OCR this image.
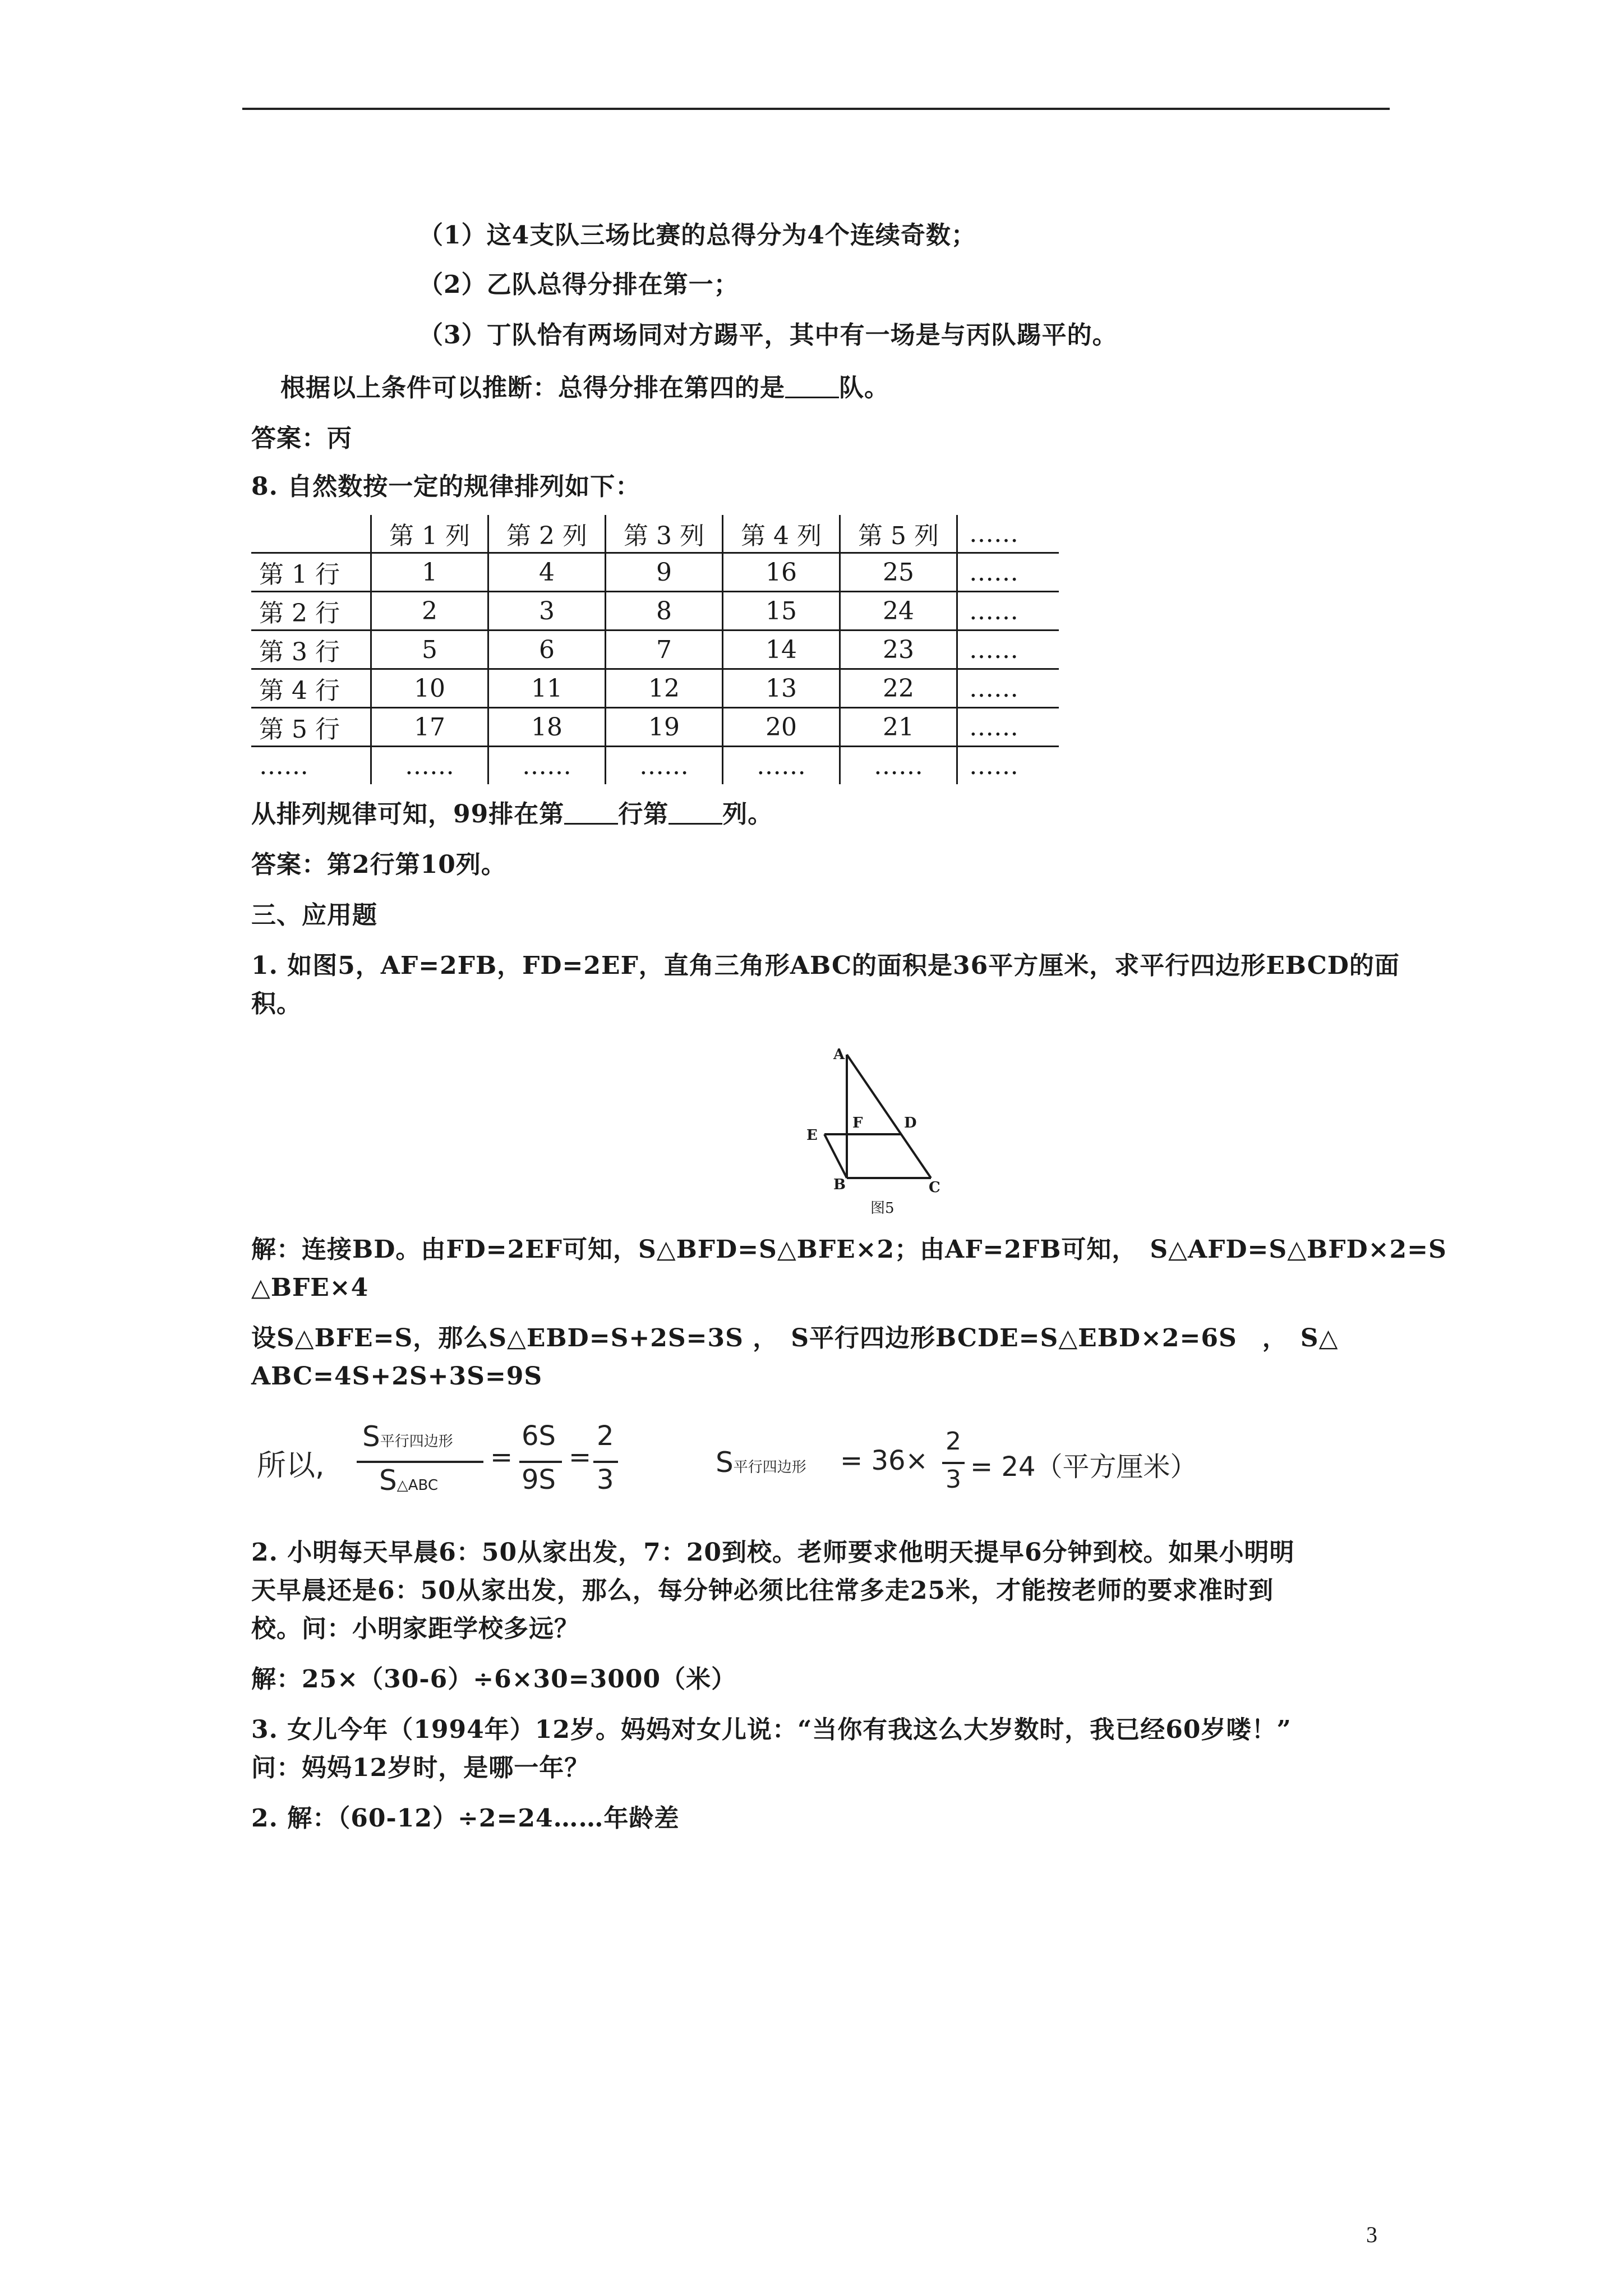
（1）这4支队三场比赛的总得分为4个连续奇数；
（2）乙队总得分排在第一；
（3）丁队恰有两场同对方踢平，其中有一场是与丙队踢平的。
根据以上条件可以推断：总得分排在第四的是 队。
答案：丙
8. 自然数按一定的规律排列如下：
	第 1 列	第 2 列	第 3 列	第 4 列	第 5 列	……
第 1 行	1	4	9	16	25	……
第 2 行	2	3	8	15	24	……
第 3 行	5	6	7	14	23	……
第 4 行	10	11	12	13	22	……
第 5 行	17	18	19	20	21	……
……	……	……	……	……	……	……
从排列规律可知，99排在第 行第 列。
答案：第2行第10列。
三、应用题
1. 如图5，AF=2FB，FD=2EF，直角三角形ABC的面积是36平方厘米，求平行四边形EBCD的面
积。
A
E
F	D
B	C
图5
解：连接BD。由FD=2EF可知，S△BFD=S△BFE×2；由AF=2FB可知，　S△AFD=S△BFD×2=S
△BFE×4
设S△BFE=S，那么S△EBD=S+2S=3S ，　S平行四边形BCDE=S△EBD×2=6S　，　S△
ABC=4S+2S+3S=9S
所以,
S平行四边形
S△ABC
=
6S
9S
=
2
3
S平行四边形 = 36×
2
3 = 24（平方厘米）
2. 小明每天早晨6：50从家出发，7：20到校。老师要求他明天提早6分钟到校。如果小明明
天早晨还是6：50从家出发，那么，每分钟必须比往常多走25米，才能按老师的要求准时到
校。问：小明家距学校多远？
解：25×（30-6）÷6×30=3000（米）
3. 女儿今年（1994年）12岁。妈妈对女儿说：“当你有我这么大岁数时，我已经60岁喽！”
问：妈妈12岁时，是哪一年？
2. 解：（60-12）÷2=24……年龄差
3
